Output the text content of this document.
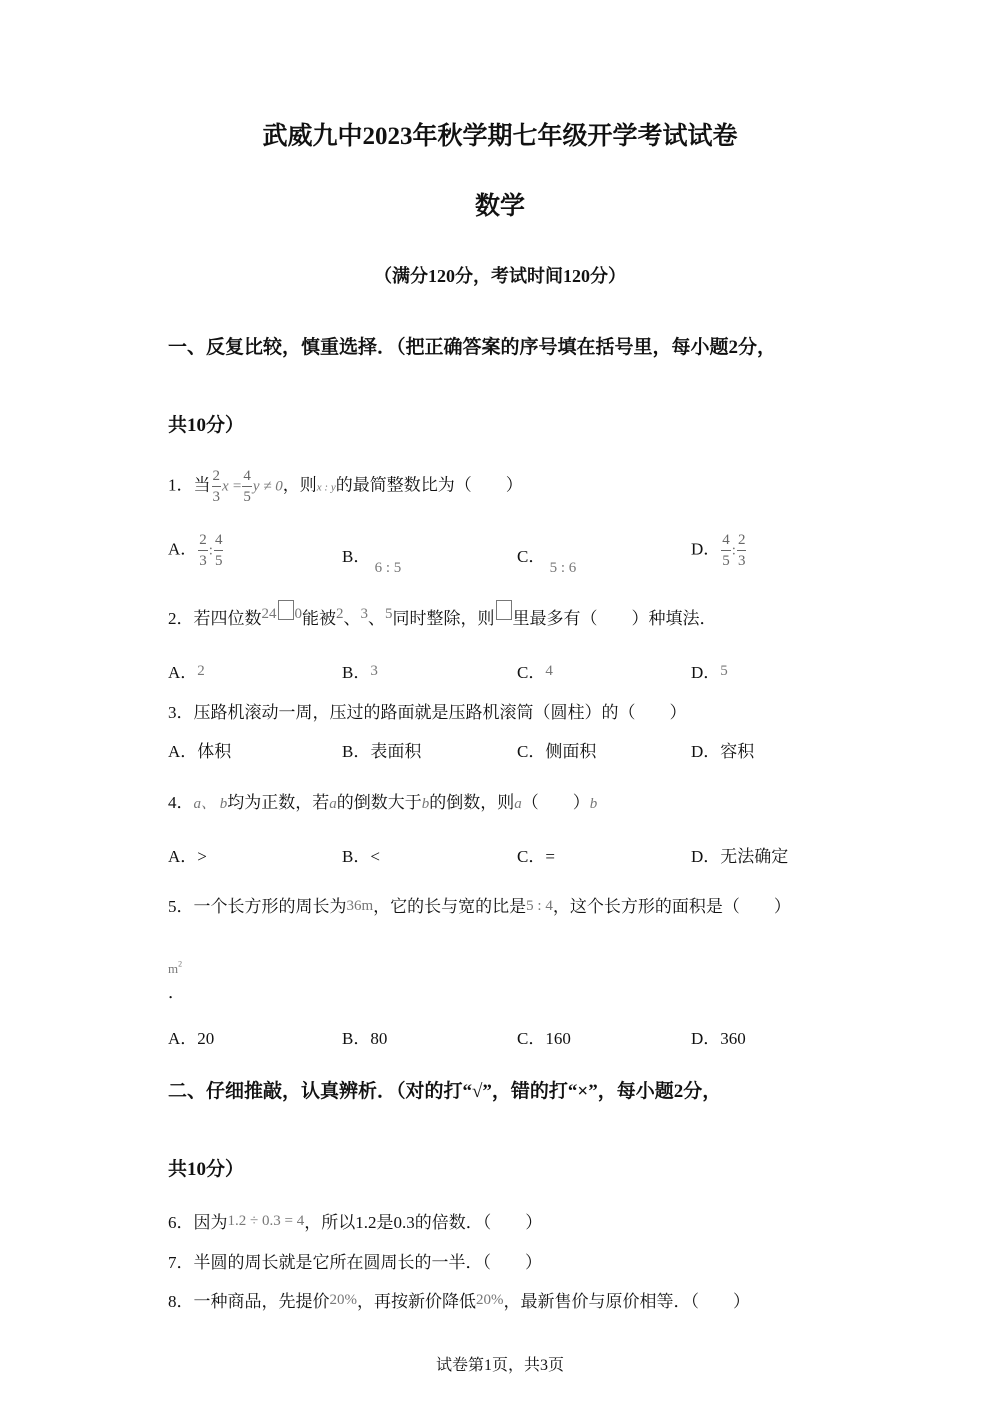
武威九中2023年秋学期七年级开学考试试卷
数学
（满分120分，考试时间120分）
一、反复比较，慎重选择．（把正确答案的序号填在括号里，每小题2分，
共10分）
1．当 $\frac{2}{3}$ $x = \frac{4}{5}$ y ≠ 0，则x : y的最简整数比为（　　）
A． $\frac{2}{3}$ : $\frac{4}{5}$	B． 6 : 5
C． 5 : 6
D． $\frac{4}{5}$ : $\frac{2}{3}$
2．若四位数24 0能被2、3、5同时整除，则 里最多有（　　）种填法．
A．2	B．3	C．4	D．5
3．压路机滚动一周，压过的路面就是压路机滚筒（圆柱）的（　　）
A．体积	B．表面积	C．侧面积	D．容积
4．a、 b均为正数，若a的倒数大于b的倒数，则a（　　）b
A．>	B．<	C．=	D．无法确定
5．一个长方形的周长为36m，它的长与宽的比是5 : 4，这个长方形的面积是（　　）
$m^2$
．
A．20	B．80	C．160	D．360
二、仔细推敲，认真辨析．（对的打“√”，错的打“×”，每小题2分，
共10分）
6．因为1.2 ÷ 0.3 = 4，所以1.2是0.3的倍数．（　　）
7．半圆的周长就是它所在圆周长的一半．（　　）
8．一种商品，先提价20%，再按新价降低20%，最新售价与原价相等．（　　）
试卷第1页，共3页
